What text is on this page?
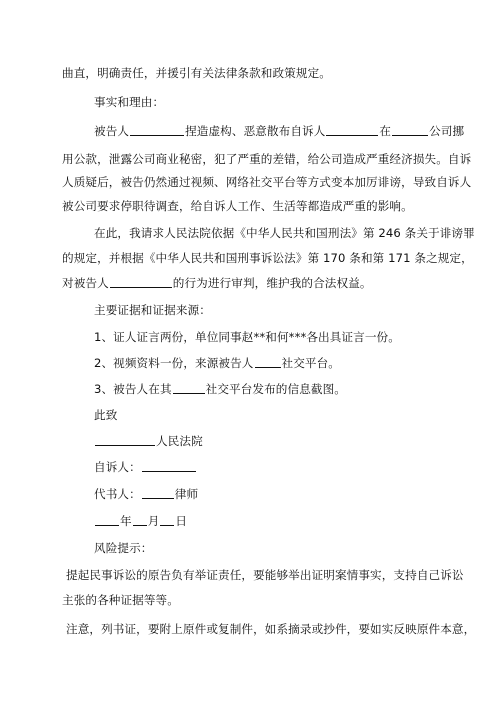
曲直，明确责任，并援引有关法律条款和政策规定。
事实和理由：
被告人	捏造虚构、恶意散布自诉人	在	公司挪
用公款，泄露公司商业秘密，犯了严重的差错，给公司造成严重经济损失。自诉
人质疑后，被告仍然通过视频、网络社交平台等方式变本加厉诽谤，导致自诉人
被公司要求停职待调查，给自诉人工作、生活等都造成严重的影响。
在此，我请求人民法院依据《中华人民共和国刑法》第 246 条关于诽谤罪
的规定，并根据《中华人民共和国刑事诉讼法》第 170 条和第 171 条之规定，
对被告人	的行为进行审判，维护我的合法权益。
主要证据和证据来源：
1、证人证言两份，单位同事赵**和何***各出具证言一份。
2、视频资料一份，来源被告人 社交平台。
3、被告人在其	社交平台发布的信息截图。
此致
人民法院
自诉人：
代书人：	律师
年 月 日
风险提示：
提起民事诉讼的原告负有举证责任，要能够举出证明案情事实，支持自己诉讼
主张的各种证据等等。
注意，列书证，要附上原件或复制件，如系摘录或抄件，要如实反映原件本意，
